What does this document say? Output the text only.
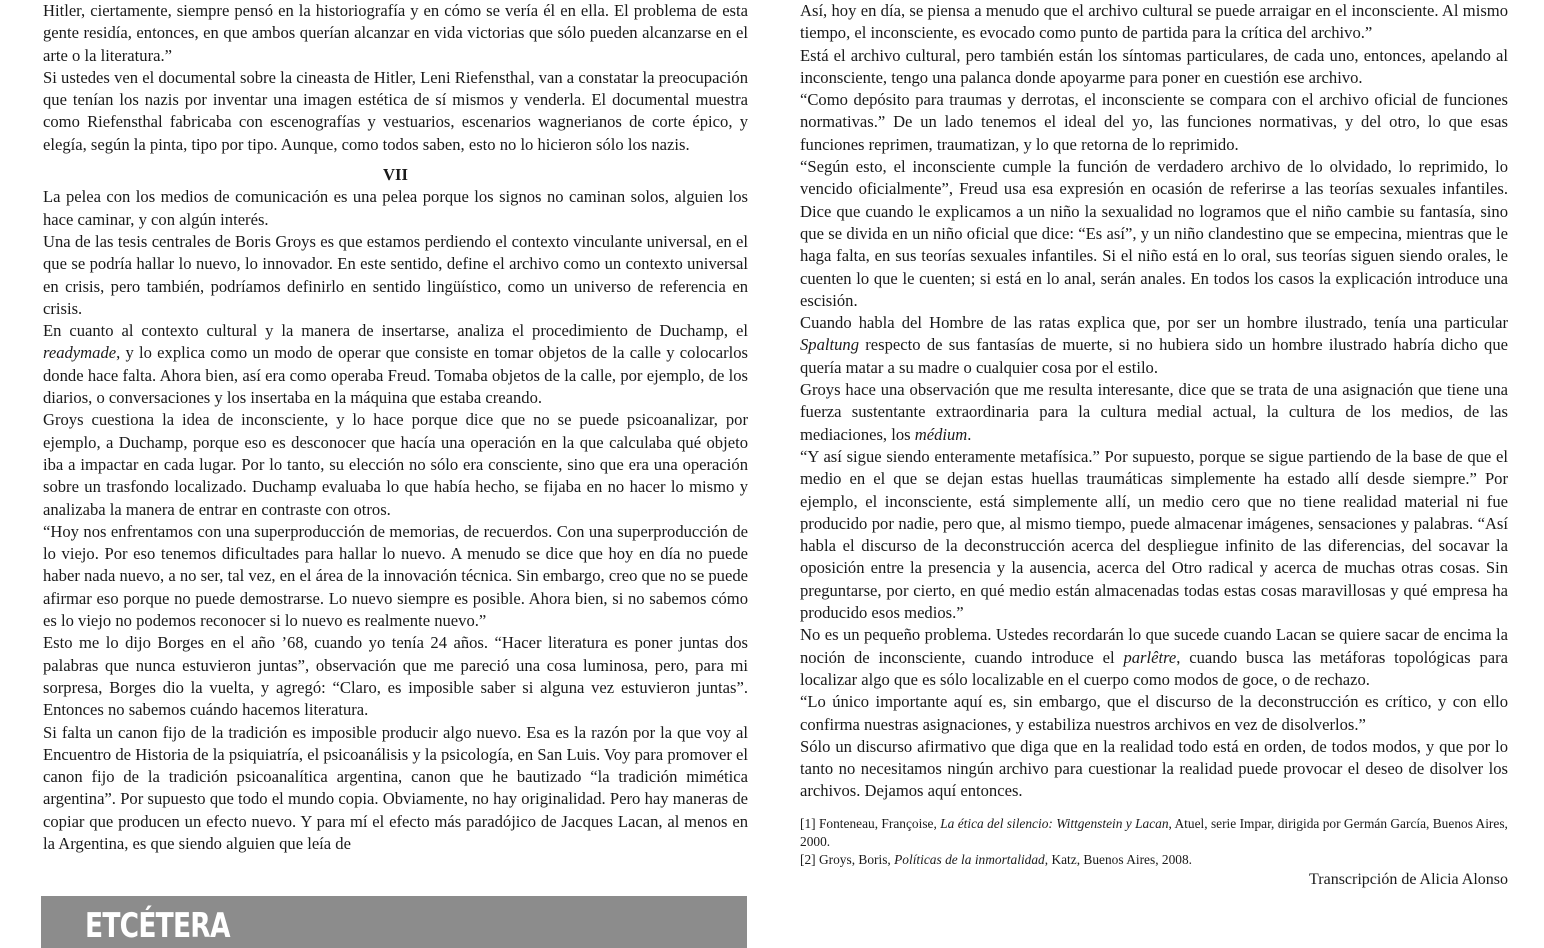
Hitler, ciertamente, siempre pensó en la historiografía y en cómo se vería él en ella. El problema de esta gente residía, entonces, en que ambos querían alcanzar en vida victorias que sólo pueden alcanzarse en el arte o la literatura.”

Si ustedes ven el documental sobre la cineasta de Hitler, Leni Riefensthal, van a constatar la preocupación que tenían los nazis por inventar una imagen estética de sí mismos y venderla. El documental muestra como Riefensthal fabricaba con escenografías y vestuarios, escenarios wagnerianos de corte épico, y elegía, según la pinta, tipo por tipo. Aunque, como todos saben, esto no lo hicieron sólo los nazis.

VII

La pelea con los medios de comunicación es una pelea porque los signos no caminan solos, alguien los hace caminar, y con algún interés.

Una de las tesis centrales de Boris Groys es que estamos perdiendo el contexto vinculante universal, en el que se podría hallar lo nuevo, lo innovador. En este sentido, define el archivo como un contexto universal en crisis, pero también, podríamos definirlo en sentido lingüístico, como un universo de referencia en crisis.

En cuanto al contexto cultural y la manera de insertarse, analiza el procedimiento de Duchamp, el readymade, y lo explica como un modo de operar que consiste en tomar objetos de la calle y colocarlos donde hace falta. Ahora bien, así era como operaba Freud. Tomaba objetos de la calle, por ejemplo, de los diarios, o conversaciones y los insertaba en la máquina que estaba creando.

Groys cuestiona la idea de inconsciente, y lo hace porque dice que no se puede psicoanalizar, por ejemplo, a Duchamp, porque eso es desconocer que hacía una operación en la que calculaba qué objeto iba a impactar en cada lugar. Por lo tanto, su elección no sólo era consciente, sino que era una operación sobre un trasfondo localizado. Duchamp evaluaba lo que había hecho, se fijaba en no hacer lo mismo y analizaba la manera de entrar en contraste con otros.

“Hoy nos enfrentamos con una superproducción de memorias, de recuerdos. Con una superproducción de lo viejo. Por eso tenemos dificultades para hallar lo nuevo. A menudo se dice que hoy en día no puede haber nada nuevo, a no ser, tal vez, en el área de la innovación técnica. Sin embargo, creo que no se puede afirmar eso porque no puede demostrarse. Lo nuevo siempre es posible. Ahora bien, si no sabemos cómo es lo viejo no podemos reconocer si lo nuevo es realmente nuevo.”

Esto me lo dijo Borges en el año ’68, cuando yo tenía 24 años. “Hacer literatura es poner juntas dos palabras que nunca estuvieron juntas”, observación que me pareció una cosa luminosa, pero, para mi sorpresa, Borges dio la vuelta, y agregó: “Claro, es imposible saber si alguna vez estuvieron juntas”. Entonces no sabemos cuándo hacemos literatura.

Si falta un canon fijo de la tradición es imposible producir algo nuevo. Esa es la razón por la que voy al Encuentro de Historia de la psiquiatría, el psicoanálisis y la psicología, en San Luis. Voy para promover el canon fijo de la tradición psicoanalítica argentina, canon que he bautizado “la tradición mimética argentina”. Por supuesto que todo el mundo copia. Obviamente, no hay originalidad. Pero hay maneras de copiar que producen un efecto nuevo. Y para mí el efecto más paradójico de Jacques Lacan, al menos en la Argentina, es que siendo alguien que leía de

ETCÉTERA

Así, hoy en día, se piensa a menudo que el archivo cultural se puede arraigar en el inconsciente. Al mismo tiempo, el inconsciente, es evocado como punto de partida para la crítica del archivo.”

Está el archivo cultural, pero también están los síntomas particulares, de cada uno, entonces, apelando al inconsciente, tengo una palanca donde apoyarme para poner en cuestión ese archivo.

“Como depósito para traumas y derrotas, el inconsciente se compara con el archivo oficial de funciones normativas.” De un lado tenemos el ideal del yo, las funciones normativas, y del otro, lo que esas funciones reprimen, traumatizan, y lo que retorna de lo reprimido.

“Según esto, el inconsciente cumple la función de verdadero archivo de lo olvidado, lo reprimido, lo vencido oficialmente”, Freud usa esa expresión en ocasión de referirse a las teorías sexuales infantiles. Dice que cuando le explicamos a un niño la sexualidad no logramos que el niño cambie su fantasía, sino que se divida en un niño oficial que dice: “Es así”, y un niño clandestino que se empecina, mientras que le haga falta, en sus teorías sexuales infantiles. Si el niño está en lo oral, sus teorías siguen siendo orales, le cuenten lo que le cuenten; si está en lo anal, serán anales. En todos los casos la explicación introduce una escisión.

Cuando habla del Hombre de las ratas explica que, por ser un hombre ilustrado, tenía una particular Spaltung respecto de sus fantasías de muerte, si no hubiera sido un hombre ilustrado habría dicho que quería matar a su madre o cualquier cosa por el estilo.

Groys hace una observación que me resulta interesante, dice que se trata de una asignación que tiene una fuerza sustentante extraordinaria para la cultura medial actual, la cultura de los medios, de las mediaciones, los médium.

“Y así sigue siendo enteramente metafísica.” Por supuesto, porque se sigue partiendo de la base de que el medio en el que se dejan estas huellas traumáticas simplemente ha estado allí desde siempre.” Por ejemplo, el inconsciente, está simplemente allí, un medio cero que no tiene realidad material ni fue producido por nadie, pero que, al mismo tiempo, puede almacenar imágenes, sensaciones y palabras. “Así habla el discurso de la deconstrucción acerca del despliegue infinito de las diferencias, del socavar la oposición entre la presencia y la ausencia, acerca del Otro radical y acerca de muchas otras cosas. Sin preguntarse, por cierto, en qué medio están almacenadas todas estas cosas maravillosas y qué empresa ha producido esos medios.”

No es un pequeño problema. Ustedes recordarán lo que sucede cuando Lacan se quiere sacar de encima la noción de inconsciente, cuando introduce el parlêtre, cuando busca las metáforas topológicas para localizar algo que es sólo localizable en el cuerpo como modos de goce, o de rechazo.

“Lo único importante aquí es, sin embargo, que el discurso de la deconstrucción es crítico, y con ello confirma nuestras asignaciones, y estabiliza nuestros archivos en vez de disolverlos.”

Sólo un discurso afirmativo que diga que en la realidad todo está en orden, de todos modos, y que por lo tanto no necesitamos ningún archivo para cuestionar la realidad puede provocar el deseo de disolver los archivos. Dejamos aquí entonces.

[1] Fonteneau, Françoise, La ética del silencio: Wittgenstein y Lacan, Atuel, serie Impar, dirigida por Germán García, Buenos Aires, 2000.

[2] Groys, Boris, Políticas de la inmortalidad, Katz, Buenos Aires, 2008.

Transcripción de Alicia Alonso
